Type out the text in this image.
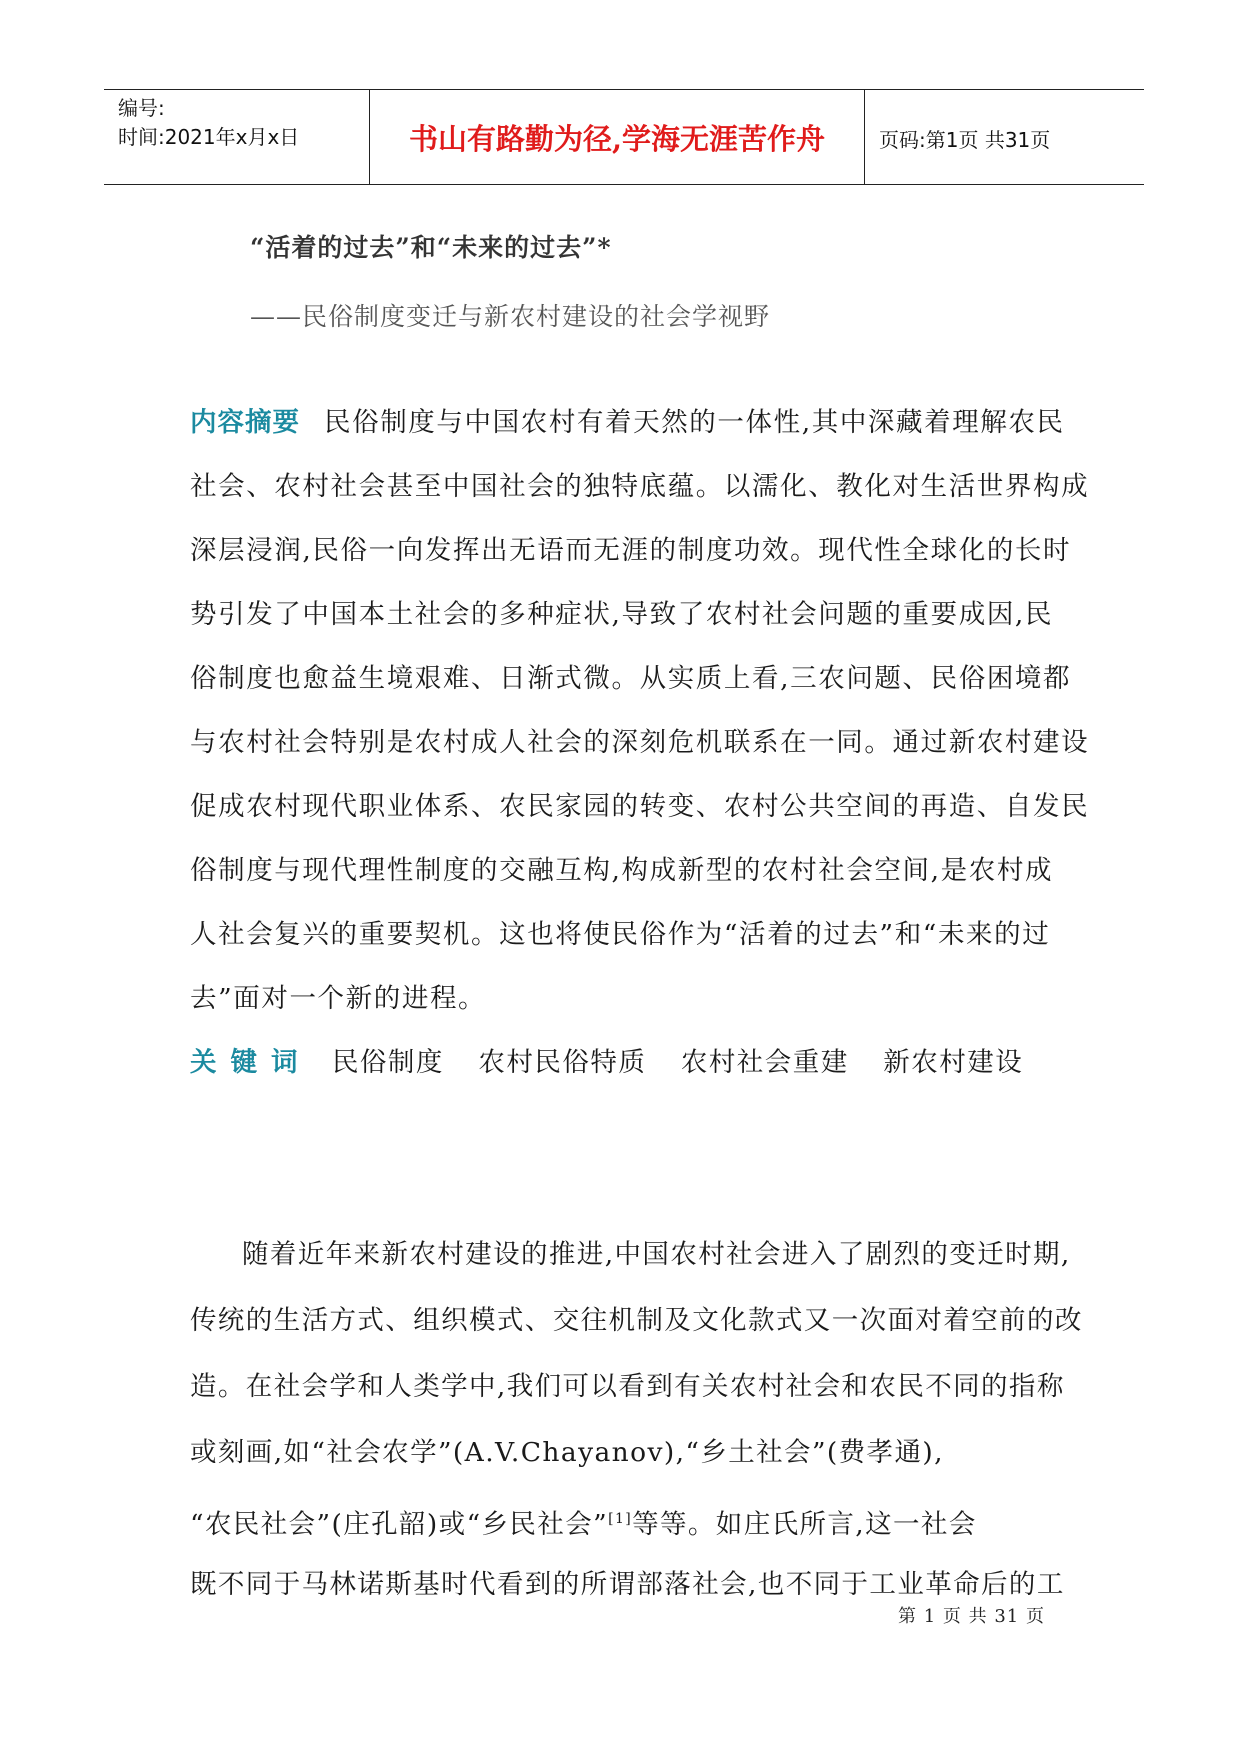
编号:
时间:2021年x月x日	书山有路勤为径,学海无涯苦作舟	页码:第1页 共31页
“活着的过去”和“未来的过去”*
——民俗制度变迁与新农村建设的社会学视野
内容摘要 民俗制度与中国农村有着天然的一体性,其中深藏着理解农民
社会、农村社会甚至中国社会的独特底蕴。以濡化、教化对生活世界构成
深层浸润,民俗一向发挥出无语而无涯的制度功效。现代性全球化的长时
势引发了中国本土社会的多种症状,导致了农村社会问题的重要成因,民
俗制度也愈益生境艰难、日渐式微。从实质上看,三农问题、民俗困境都
与农村社会特别是农村成人社会的深刻危机联系在一同。通过新农村建设
促成农村现代职业体系、农民家园的转变、农村公共空间的再造、自发民
俗制度与现代理性制度的交融互构,构成新型的农村社会空间,是农村成
人社会复兴的重要契机。这也将使民俗作为“活着的过去”和“未来的过
去”面对一个新的进程。
关键词 民俗制度 农村民俗特质 农村社会重建 新农村建设
随着近年来新农村建设的推进,中国农村社会进入了剧烈的变迁时期,
传统的生活方式、组织模式、交往机制及文化款式又一次面对着空前的改
造。在社会学和人类学中,我们可以看到有关农村社会和农民不同的指称
或刻画,如“社会农学”(A.V.Chayanov),“乡土社会”(费孝通),
“农民社会”(庄孔韶)或“乡民社会”[1]等等。如庄氏所言,这一社会
既不同于马林诺斯基时代看到的所谓部落社会,也不同于工业革命后的工
第 1 页 共 31 页
